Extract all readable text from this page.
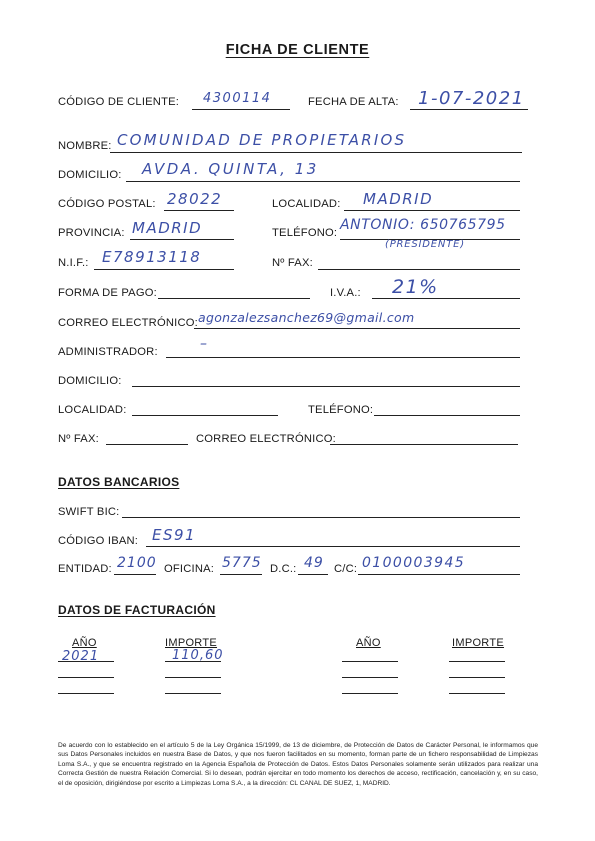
FICHA DE CLIENTE
CÓDIGO DE CLIENTE: 4300114	FECHA DE ALTA: 1-07-2021
NOMBRE: COMUNIDAD DE PROPIETARIOS
DOMICILIO: AVDA. QUINTA, 13
CÓDIGO POSTAL: 28022	LOCALIDAD: MADRID
PROVINCIA: MADRID	TELÉFONO: ANTONIO: 650765795
(PRESIDENTE)
N.I.F.: E78913118	Nº FAX:
FORMA DE PAGO:	I.V.A.: 21%
CORREO ELECTRÓNICO: agonzalezsanchez69@gmail.com
ADMINISTRADOR:	–
DOMICILIO:
LOCALIDAD:	TELÉFONO:
Nº FAX:	CORREO ELECTRÓNICO:
DATOS BANCARIOS
SWIFT BIC:
CÓDIGO IBAN: ES91
ENTIDAD: 2100 OFICINA: 5775 D.C.: 49 C/C: 0100003945
DATOS DE FACTURACIÓN
AÑO	IMPORTE	AÑO	IMPORTE
2021	110,60
De acuerdo con lo establecido en el artículo 5 de la Ley Orgánica 15/1999, de 13 de diciembre, de Protección de Datos de Carácter Personal, le informamos que sus Datos Personales incluidos en nuestra Base de Datos, y que nos fueron facilitados en su momento, forman parte de un fichero responsabilidad de Limpiezas Loma S.A., y que se encuentra registrado en la Agencia Española de Protección de Datos. Estos Datos Personales solamente serán utilizados para realizar una Correcta Gestión de nuestra Relación Comercial. Si lo desean, podrán ejercitar en todo momento los derechos de acceso, rectificación, cancelación y, en su caso, el de oposición, dirigiéndose por escrito a Limpiezas Loma S.A., a la dirección: CL CANAL DE SUEZ, 1, MADRID.
